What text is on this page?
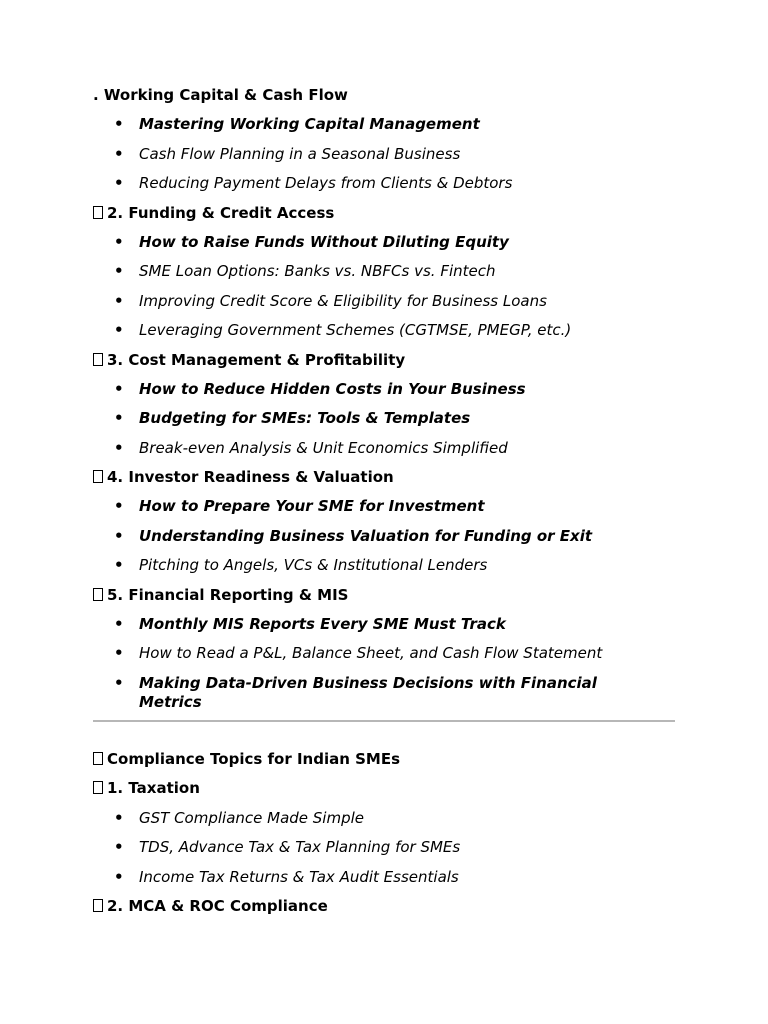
. Working Capital & Cash Flow
• Mastering Working Capital Management
• Cash Flow Planning in a Seasonal Business
• Reducing Payment Delays from Clients & Debtors
2. Funding & Credit Access
• How to Raise Funds Without Diluting Equity
• SME Loan Options: Banks vs. NBFCs vs. Fintech
• Improving Credit Score & Eligibility for Business Loans
• Leveraging Government Schemes (CGTMSE, PMEGP, etc.)
3. Cost Management & Profitability
• How to Reduce Hidden Costs in Your Business
• Budgeting for SMEs: Tools & Templates
• Break-even Analysis & Unit Economics Simplified
4. Investor Readiness & Valuation
• How to Prepare Your SME for Investment
• Understanding Business Valuation for Funding or Exit
• Pitching to Angels, VCs & Institutional Lenders
5. Financial Reporting & MIS
• Monthly MIS Reports Every SME Must Track
• How to Read a P&L, Balance Sheet, and Cash Flow Statement
• Making Data-Driven Business Decisions with Financial Metrics
Compliance Topics for Indian SMEs
1. Taxation
• GST Compliance Made Simple
• TDS, Advance Tax & Tax Planning for SMEs
• Income Tax Returns & Tax Audit Essentials
2. MCA & ROC Compliance
